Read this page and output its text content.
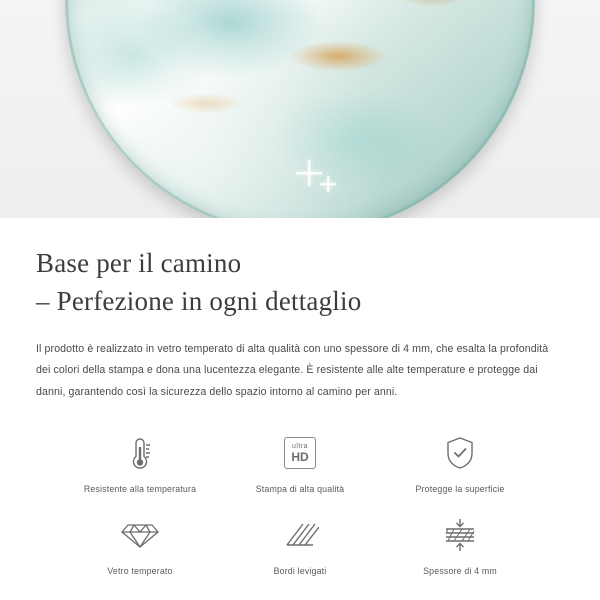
Base per il camino
– Perfezione in ogni dettaglio

Il prodotto è realizzato in vetro temperato di alta qualità con uno spessore di 4 mm, che esalta la profondità dei colori della stampa e dona una lucentezza elegante. È resistente alle alte temperature e protegge dai danni, garantendo così la sicurezza dello spazio intorno al camino per anni.

Resistente alla temperatura
ultra
HD
Stampa di alta qualità	Protegge la superficie
Vetro temperato	Bordi levigati	Spessore di 4 mm
